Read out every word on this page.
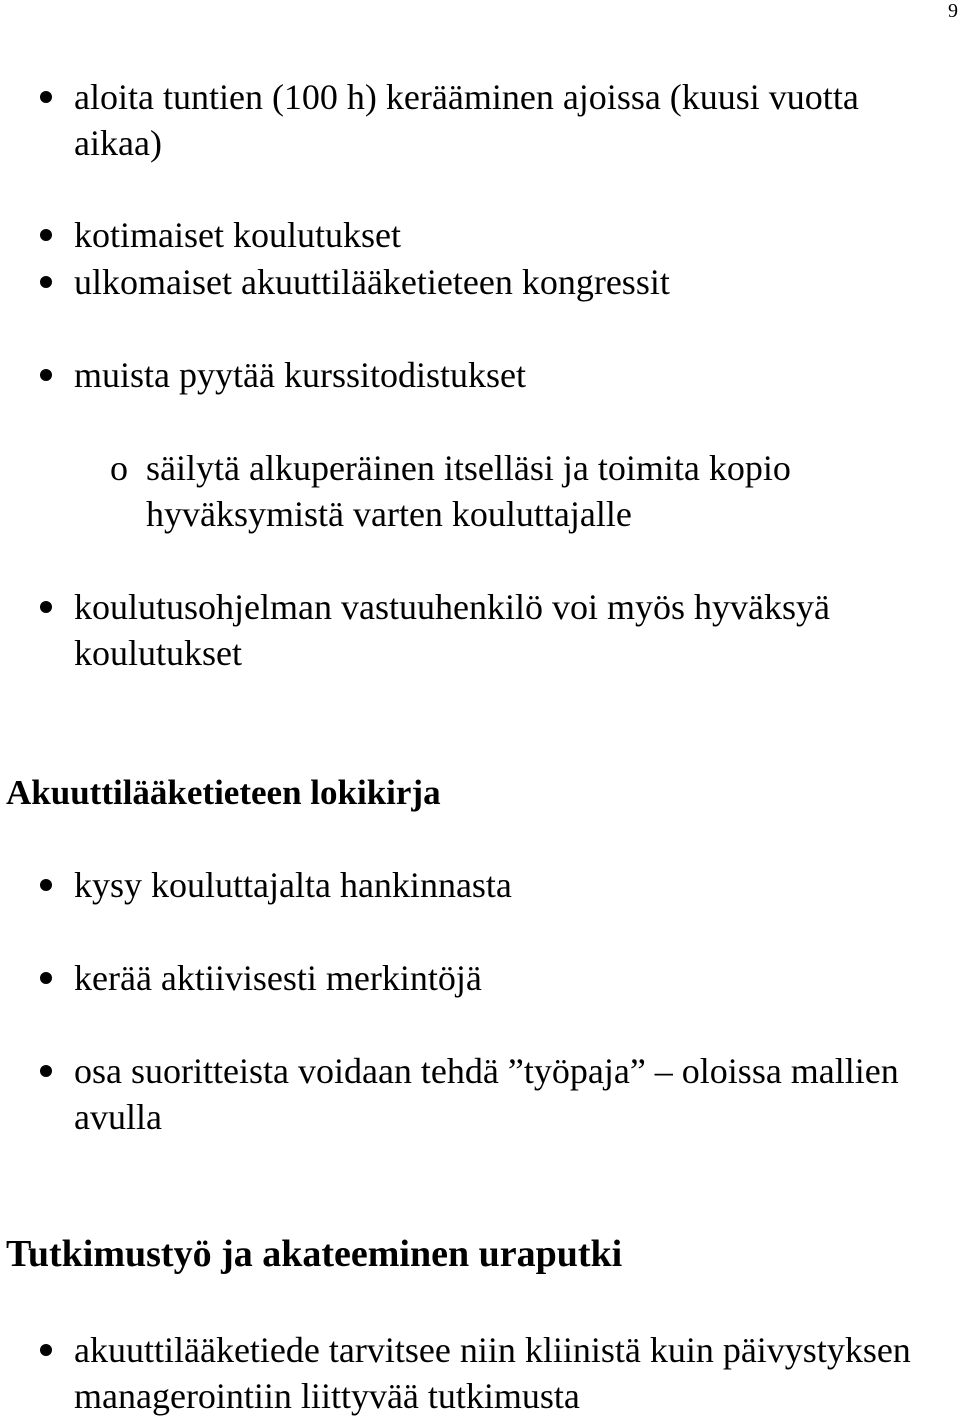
9
aloita tuntien (100 h) kerääminen ajoissa (kuusi vuotta aikaa)
kotimaiset koulutukset
ulkomaiset akuuttilääketieteen kongressit
muista pyytää kurssitodistukset
o säilytä alkuperäinen itselläsi ja toimita kopio hyväksymistä varten kouluttajalle
koulutusohjelman vastuuhenkilö voi myös hyväksyä koulutukset
Akuuttilääketieteen lokikirja
kysy kouluttajalta hankinnasta
kerää aktiivisesti merkintöjä
osa suoritteista voidaan tehdä ”työpaja” – oloissa mallien avulla
Tutkimustyö ja akateeminen uraputki
akuuttilääketiede tarvitsee niin kliinistä kuin päivystyksen managerointiin liittyvää tutkimusta
